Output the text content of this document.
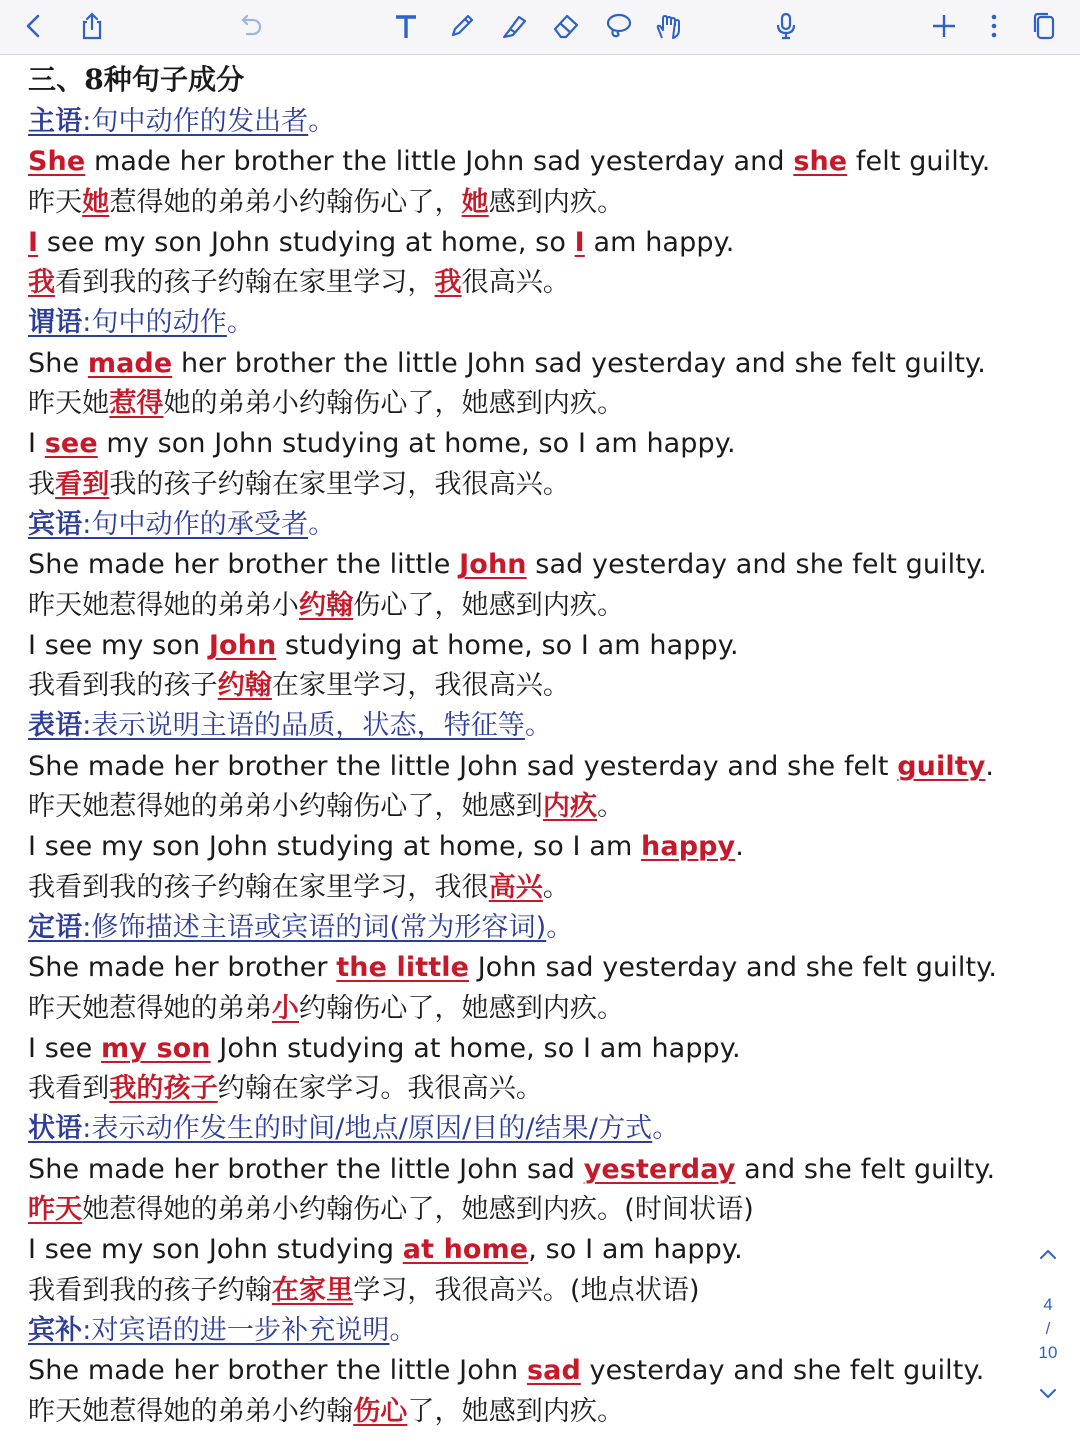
三、8种句子成分
主语:句中动作的发出者。
She made her brother the little John sad yesterday and she felt guilty.
昨天她惹得她的弟弟小约翰伤心了，她感到内疚。
I see my son John studying at home, so I am happy.
我看到我的孩子约翰在家里学习，我很高兴。
谓语:句中的动作。
She made her brother the little John sad yesterday and she felt guilty.
昨天她惹得她的弟弟小约翰伤心了，她感到内疚。
I see my son John studying at home, so I am happy.
我看到我的孩子约翰在家里学习，我很高兴。
宾语:句中动作的承受者。
She made her brother the little John sad yesterday and she felt guilty.
昨天她惹得她的弟弟小约翰伤心了，她感到内疚。
I see my son John studying at home, so I am happy.
我看到我的孩子约翰在家里学习，我很高兴。
表语:表示说明主语的品质，状态，特征等。
She made her brother the little John sad yesterday and she felt guilty.
昨天她惹得她的弟弟小约翰伤心了，她感到内疚。
I see my son John studying at home, so I am happy.
我看到我的孩子约翰在家里学习，我很高兴。
定语:修饰描述主语或宾语的词(常为形容词)。
She made her brother the little John sad yesterday and she felt guilty.
昨天她惹得她的弟弟小约翰伤心了，她感到内疚。
I see my son John studying at home, so I am happy.
我看到我的孩子约翰在家学习。我很高兴。
状语:表示动作发生的时间/地点/原因/目的/结果/方式。
She made her brother the little John sad yesterday and she felt guilty.
昨天她惹得她的弟弟小约翰伤心了，她感到内疚。(时间状语)
I see my son John studying at home, so I am happy.
我看到我的孩子约翰在家里学习，我很高兴。(地点状语)
宾补:对宾语的进一步补充说明。
She made her brother the little John sad yesterday and she felt guilty.
昨天她惹得她的弟弟小约翰伤心了，她感到内疚。
4
/
10
